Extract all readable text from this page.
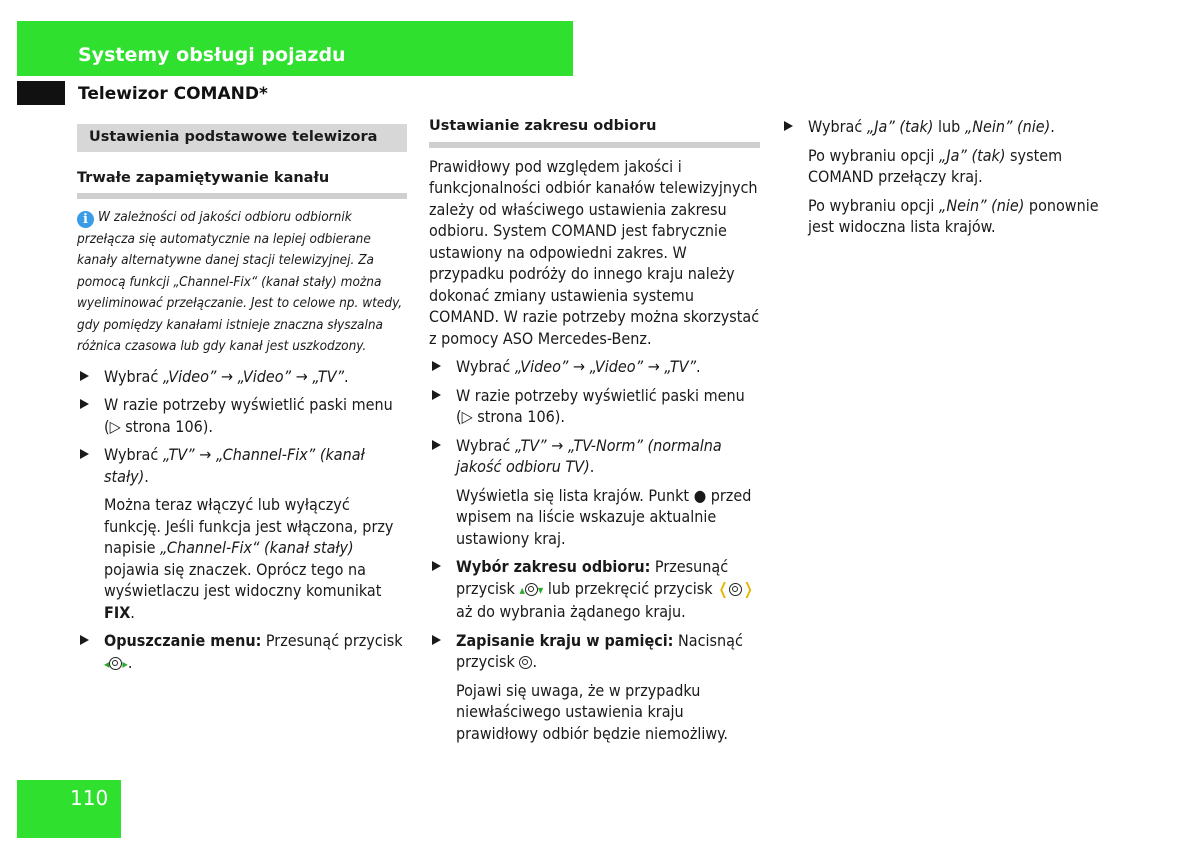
Systemy obsługi pojazdu
Telewizor COMAND*
Ustawienia podstawowe telewizora
Trwałe zapamiętywanie kanału
i W zależności od jakości odbioru odbiornik przełącza się automatycznie na lepiej odbierane kanały alternatywne danej stacji telewizyjnej. Za pomocą funkcji „Channel-Fix“ (kanał stały) można wyeliminować przełączanie. Jest to celowe np. wtedy, gdy pomiędzy kanałami istnieje znaczna słyszalna różnica czasowa lub gdy kanał jest uszkodzony.
Wybrać „Video” → „Video” → „TV”.
W razie potrzeby wyświetlić paski menu (▷ strona 106).
Wybrać „TV” → „Channel-Fix” (kanał stały).
Można teraz włączyć lub wyłączyć funkcję. Jeśli funkcja jest włączona, przy napisie „Channel-Fix“ (kanał stały) pojawia się znaczek. Oprócz tego na wyświetlaczu jest widoczny komunikat FIX.
Opuszczanie menu: Przesunąć przycisk ◂ ▸.
Ustawianie zakresu odbioru
Prawidłowy pod względem jakości i funkcjonalności odbiór kanałów telewizyjnych zależy od właściwego ustawienia zakresu odbioru. System COMAND jest fabrycznie ustawiony na odpowiedni zakres. W przypadku podróży do innego kraju należy dokonać zmiany ustawienia systemu COMAND. W razie potrzeby można skorzystać z pomocy ASO Mercedes-Benz.
Wybrać „Video” → „Video” → „TV”.
W razie potrzeby wyświetlić paski menu (▷ strona 106).
Wybrać „TV” → „TV-Norm” (normalna jakość odbioru TV).
Wyświetla się lista krajów. Punkt ● przed wpisem na liście wskazuje aktualnie ustawiony kraj.
Wybór zakresu odbioru: Przesunąć przycisk ▴ ▾ lub przekręcić przycisk ❬ ❭ aż do wybrania żądanego kraju.
Zapisanie kraju w pamięci: Nacisnąć przycisk .
Pojawi się uwaga, że w przypadku niewłaściwego ustawienia kraju prawidłowy odbiór będzie niemożliwy.
Wybrać „Ja” (tak) lub „Nein” (nie).
Po wybraniu opcji „Ja” (tak) system COMAND przełączy kraj.
Po wybraniu opcji „Nein” (nie) ponownie jest widoczna lista krajów.
110
